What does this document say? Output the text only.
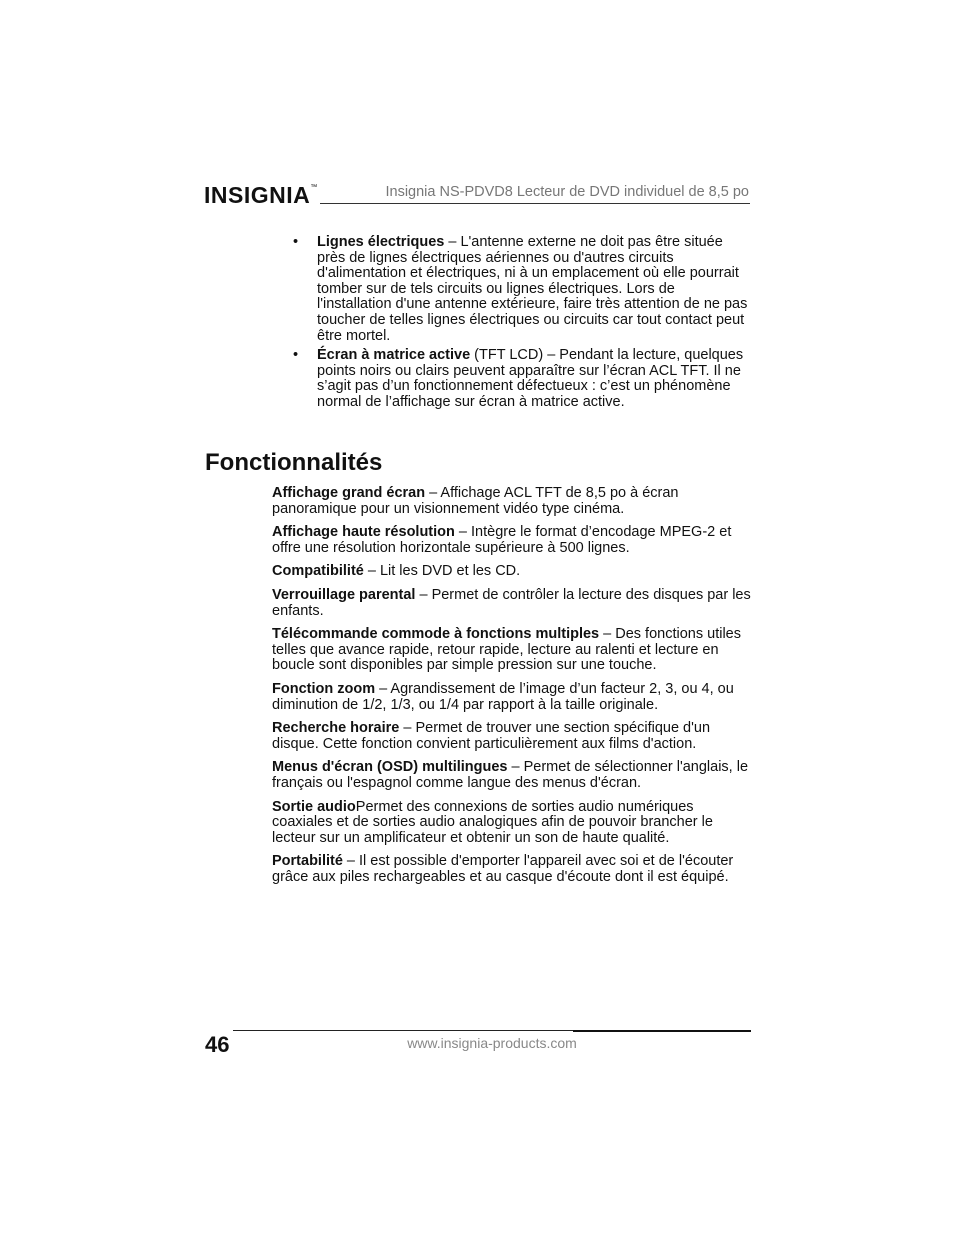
INSIGNIA™	Insignia NS-PDVD8 Lecteur de DVD individuel de 8,5 po
• Lignes électriques – L'antenne externe ne doit pas être située près de lignes électriques aériennes ou d'autres circuits d'alimentation et électriques, ni à un emplacement où elle pourrait tomber sur de tels circuits ou lignes électriques. Lors de l'installation d'une antenne extérieure, faire très attention de ne pas toucher de telles lignes électriques ou circuits car tout contact peut être mortel.
• Écran à matrice active (TFT LCD) – Pendant la lecture, quelques points noirs ou clairs peuvent apparaître sur l’écran ACL TFT. Il ne s’agit pas d’un fonctionnement défectueux : c’est un phénomène normal de l’affichage sur écran à matrice active.
Fonctionnalités
Affichage grand écran – Affichage ACL TFT de 8,5 po à écran panoramique pour un visionnement vidéo type cinéma.
Affichage haute résolution – Intègre le format d’encodage MPEG-2 et offre une résolution horizontale supérieure à 500 lignes.
Compatibilité – Lit les DVD et les CD.
Verrouillage parental – Permet de contrôler la lecture des disques par les enfants.
Télécommande commode à fonctions multiples – Des fonctions utiles telles que avance rapide, retour rapide, lecture au ralenti et lecture en boucle sont disponibles par simple pression sur une touche.
Fonction zoom – Agrandissement de l’image d’un facteur 2, 3, ou 4, ou diminution de 1/2, 1/3, ou 1/4 par rapport à la taille originale.
Recherche horaire – Permet de trouver une section spécifique d'un disque. Cette fonction convient particulièrement aux films d'action.
Menus d'écran (OSD) multilingues – Permet de sélectionner l'anglais, le français ou l'espagnol comme langue des menus d'écran.
Sortie audioPermet des connexions de sorties audio numériques coaxiales et de sorties audio analogiques afin de pouvoir brancher le lecteur sur un amplificateur et obtenir un son de haute qualité.
Portabilité – Il est possible d'emporter l'appareil avec soi et de l'écouter grâce aux piles rechargeables et au casque d'écoute dont il est équipé.
46	www.insignia-products.com
